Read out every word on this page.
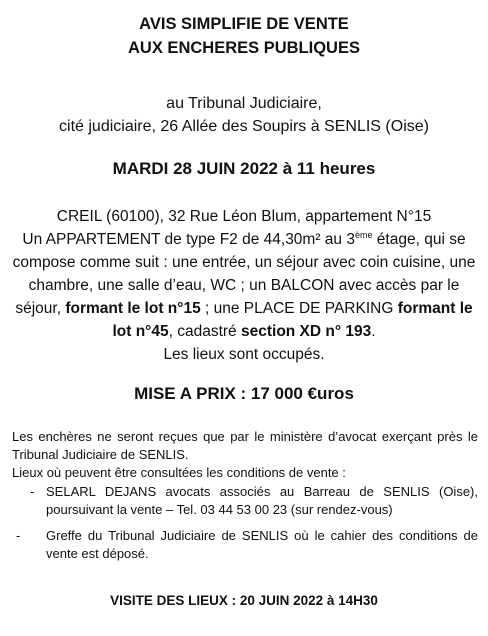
AVIS SIMPLIFIE DE VENTE
AUX ENCHERES PUBLIQUES
au Tribunal Judiciaire,
cité judiciaire, 26 Allée des Soupirs à SENLIS (Oise)
MARDI 28 JUIN 2022 à 11 heures
CREIL (60100), 32 Rue Léon Blum, appartement N°15
Un APPARTEMENT de type F2 de 44,30m² au 3ème étage, qui se compose comme suit : une entrée, un séjour avec coin cuisine, une chambre, une salle d’eau, WC ; un BALCON avec accès par le séjour, formant le lot n°15 ; une PLACE DE PARKING formant le lot n°45, cadastré section XD n° 193.
Les lieux sont occupés.
MISE A PRIX : 17 000 €uros
Les enchères ne seront reçues que par le ministère d’avocat exerçant près le Tribunal Judiciaire de SENLIS.
Lieux où peuvent être consultées les conditions de vente :
- SELARL DEJANS avocats associés au Barreau de SENLIS (Oise), poursuivant la vente – Tel. 03 44 53 00 23 (sur rendez-vous)
- Greffe du Tribunal Judiciaire de SENLIS où le cahier des conditions de vente est déposé.
VISITE DES LIEUX : 20 JUIN 2022 à 14H30
